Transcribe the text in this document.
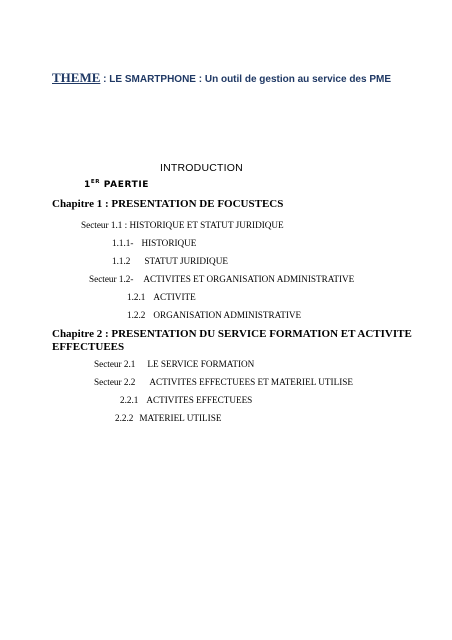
THEME : LE SMARTPHONE : Un outil de gestion au service des PME
INTRODUCTION
1ER PAERTIE
Chapitre 1 : PRESENTATION DE FOCUSTECS
Secteur 1.1 : HISTORIQUE ET STATUT JURIDIQUE
1.1.1- HISTORIQUE
1.1.2 STATUT JURIDIQUE
Secteur 1.2- ACTIVITES ET ORGANISATION ADMINISTRATIVE
1.2.1 ACTIVITE
1.2.2 ORGANISATION ADMINISTRATIVE
Chapitre 2 : PRESENTATION DU SERVICE FORMATION ET ACTIVITE EFFECTUEES
Secteur 2.1 LE SERVICE FORMATION
Secteur 2.2 ACTIVITES EFFECTUEES ET MATERIEL UTILISE
2.2.1 ACTIVITES EFFECTUEES
2.2.2 MATERIEL UTILISE
